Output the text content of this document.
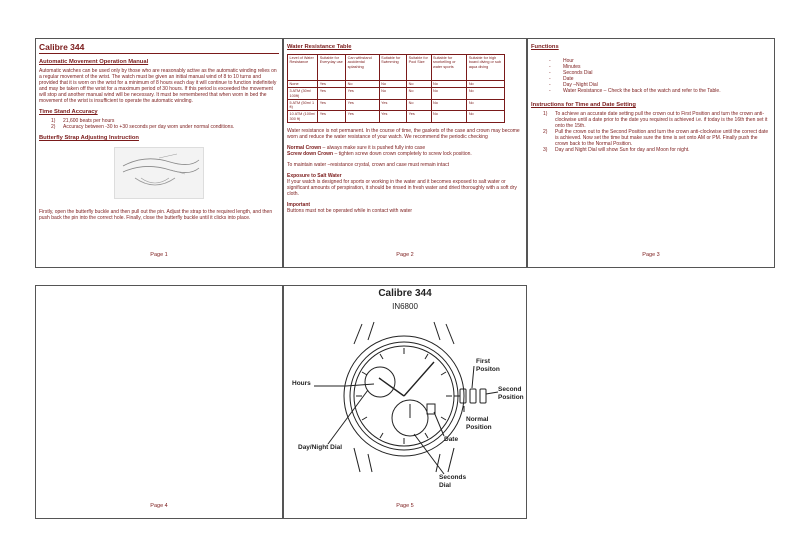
Calibre 344
Automatic Movement Operation Manual
Automatic watches can be used only by those who are reasonably active as the automatic winding relies on a regular movement of the wrist. The watch must be given an initial manual wind of 8 to 10 turns and provided that it is worn on the wrist for a minimum of 8 hours each day it will continue to function indefinitely and may be taken off the wrist for a maximum period of 30 hours. If this period is exceeded the movement will stop and another manual wind will be necessary. It must be remembered that when worn in bed the movement of the wrist is insufficient to operate the automatic winding.
Time Stand Accuracy
1)	21,600 beats per hours
2)	Accuracy between -30 to +30 seconds per day worn under normal conditions.
Butterfly Strap Adjusting Instruction
Firstly, open the butterfly buckle and then pull out the pin. Adjust the strap to the required length, and then push back the pin into the correct hole. Finally, close the butterfly buckle until it clicks into place.
Page 1
Water Resistance Table
Level of Water Resistance	Suitable for Everyday use	Can withstand accidental splashing	Suitable for Swimming	Suitable for Pool Size	Suitable for snorkelling or water sports	Suitable for high board diving or sub aqua diving
None	Yes	No	No	No	No	No
3 ATM (30m/ 100ft)	Yes	Yes	No	No	No	No
5 ATM (50m/ 1 ft)	Yes	Yes	Yes	No	No	No
10 ATM (100m/ 300 ft)	Yes	Yes	Yes	Yes	No	No
Water resistance is not permanent. In the course of time, the gaskets of the case and crown may become worn and reduce the water resistance of your watch. We recommend the periodic checking
Normal Crown – always make sure it is pushed fully into case
Screw down Crown – tighten screw down crown completely to screw lock position.
To maintain water –resistance crystal, crown and case must remain intact
Exposure to Salt Water
If your watch is designed for sports or working in the water and it becomes exposed to salt water or significant amounts of perspiration, it should be rinsed in fresh water and dried thoroughly with a soft dry cloth.
Important
Buttons must not be operated while in contact with water
Page 2
Functions
-	Hour
-	Minutes
-	Seconds Dial
-	Date
-	Day –Night Dial
-	Water Resistance – Check the back of the watch and refer to the Table.
Instructions for Time and Date Setting
1)	To achieve an accurate date setting pull the crown out to First Position and turn the crown anti-clockwise until a date prior to the date you required is achieved i.e. if today is the 16th then set it onto the 15th.
2)	Pull the crown out to the Second Position and turn the crown anti-clockwise until the correct date is achieved. Now set the time but make sure the time is set onto AM or PM. Finally push the crown back to the Normal Position.
3)	Day and Night Dial will show Sun for day and Moon for night.
Page 3
Page 4
Calibre 344
IN6800
Hours
First
Positon
Second
Position
Normal
Position
Date
Day/Night Dial
Seconds
Dial
Page 5
